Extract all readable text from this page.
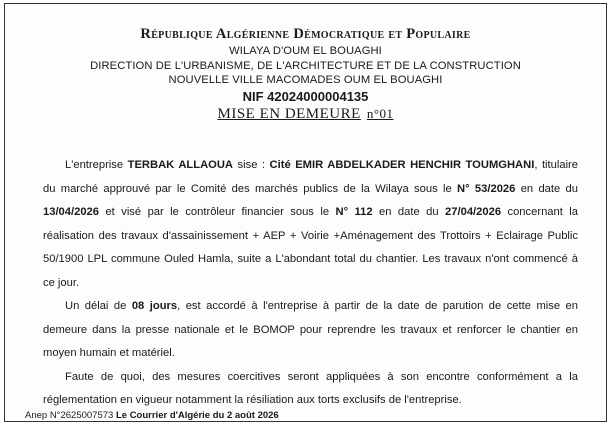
République Algérienne Démocratique et Populaire
WILAYA D'OUM EL BOUAGHI
DIRECTION DE L'URBANISME, DE L'ARCHITECTURE ET DE LA CONSTRUCTION
NOUVELLE VILLE MACOMADES OUM EL BOUAGHI
NIF 42024000004135
MISE EN DEMEURE n°01

L'entreprise TERBAK ALLAOUA sise : Cité EMIR ABDELKADER HENCHIR TOUMGHANI, titulaire du marché approuvé par le Comité des marchés publics de la Wilaya sous le N° 53/2026 en date du 13/04/2026 et visé par le contrôleur financier sous le N° 112 en date du 27/04/2026 concernant la réalisation des travaux d'assainissement + AEP + Voirie +Aménagement des Trottoirs + Eclairage Public 50/1900 LPL commune Ouled Hamla, suite a L'abondant total du chantier. Les travaux n'ont commencé à ce jour.

Un délai de 08 jours, est accordé à l'entreprise à partir de la date de parution de cette mise en demeure dans la presse nationale et le BOMOP pour reprendre les travaux et renforcer le chantier en moyen humain et matériel.

Faute de quoi, des mesures coercitives seront appliquées à son encontre conformément a la réglementation en vigueur notamment la résiliation aux torts exclusifs de l'entreprise.

Anep N°2625007573 Le Courrier d'Algérie du 2 août 2026
